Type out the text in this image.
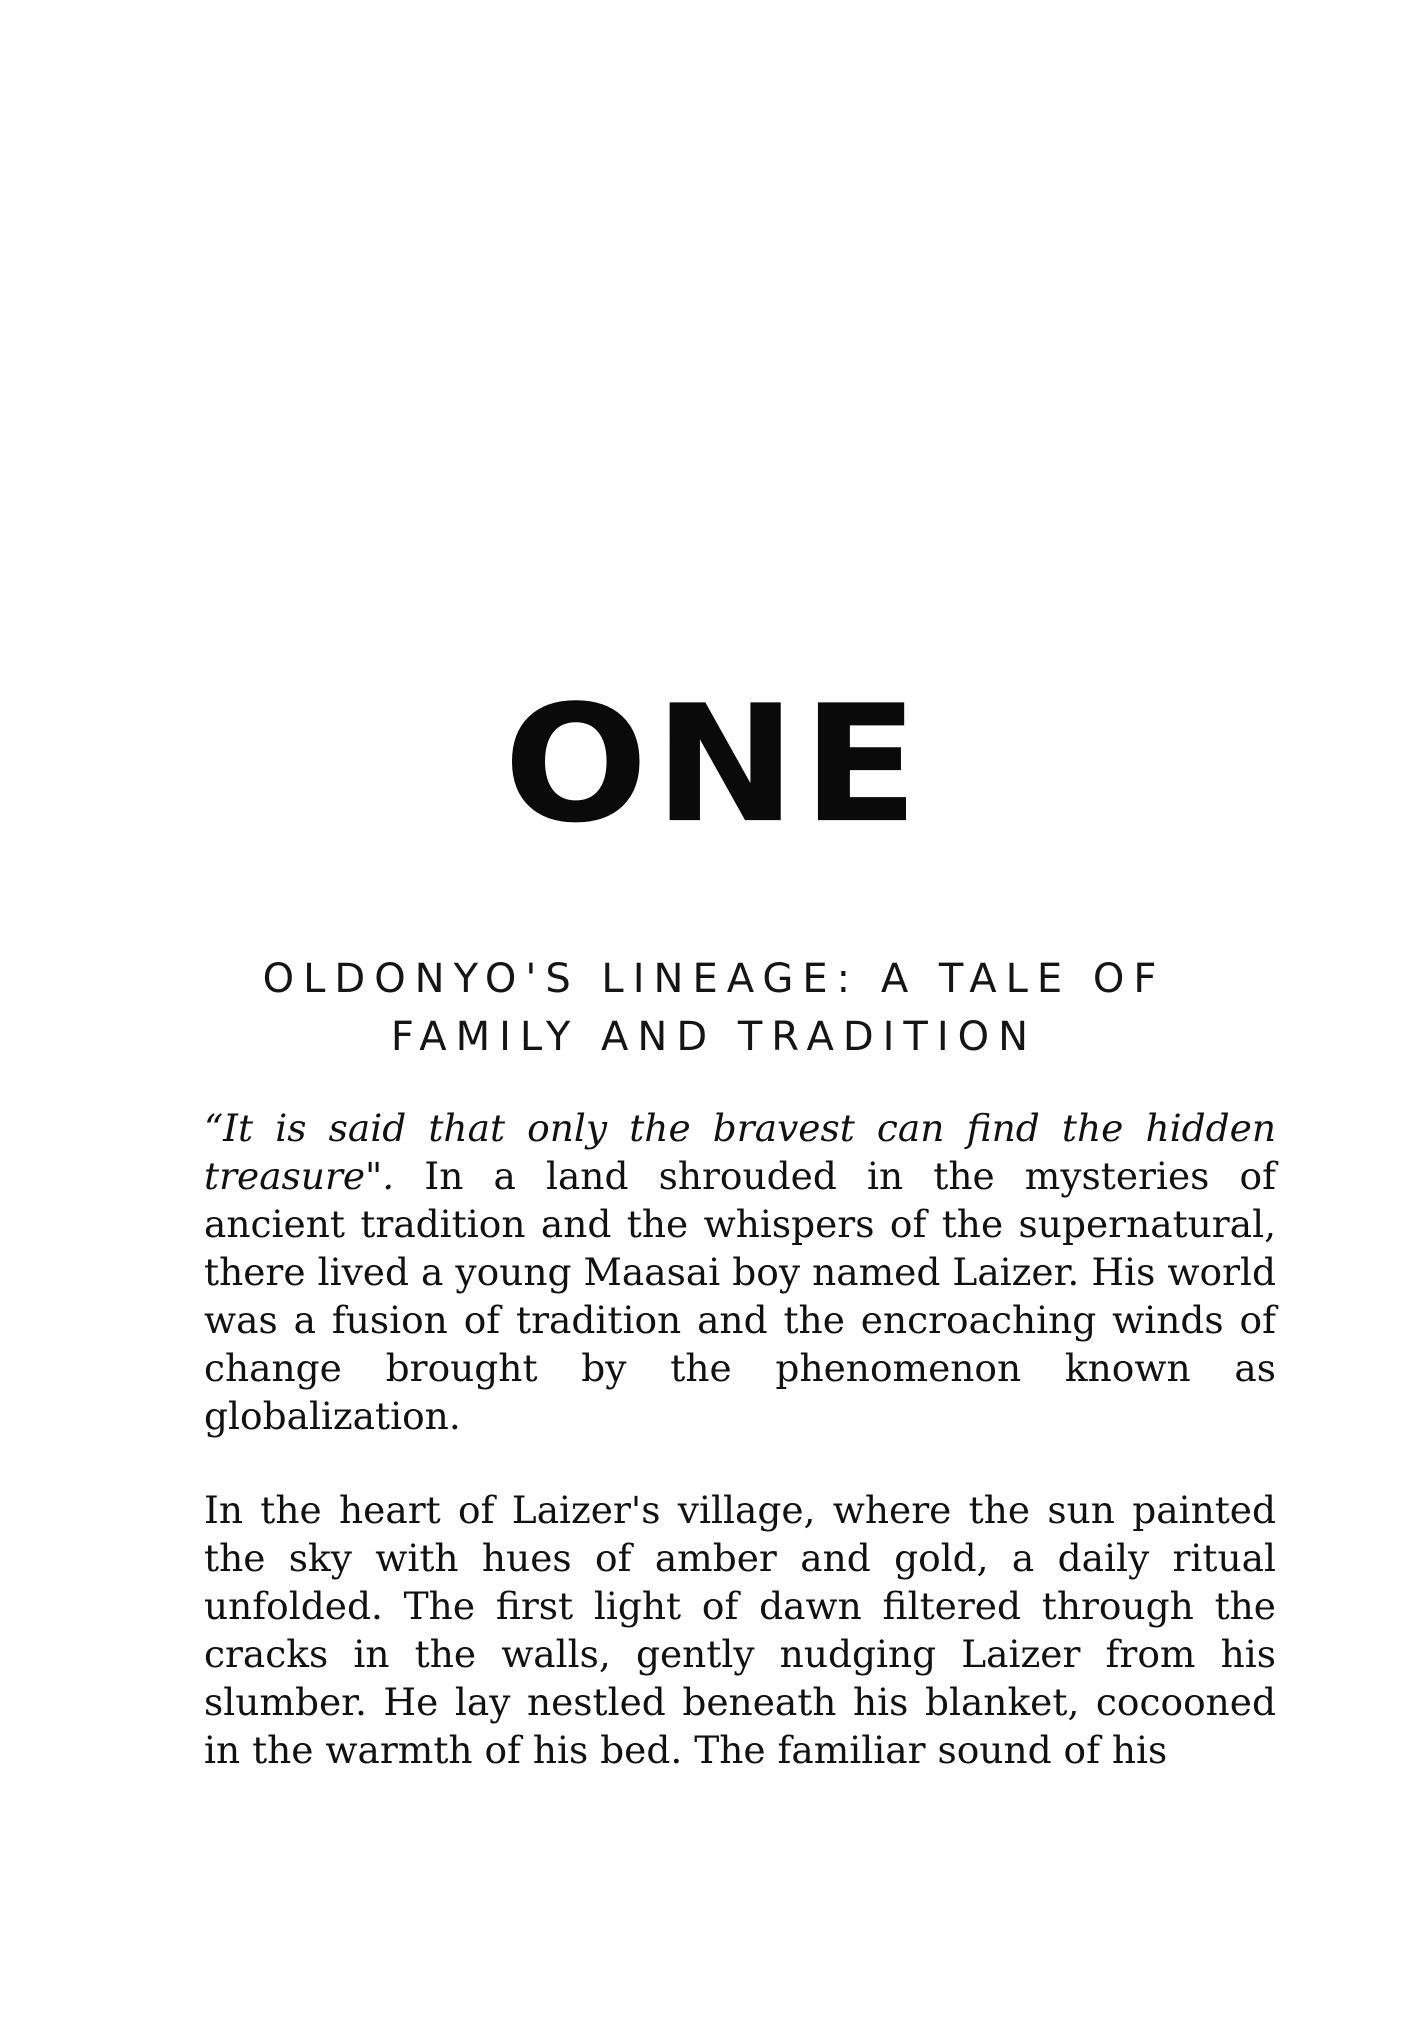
ONE
OLDONYO'S LINEAGE: A TALE OF FAMILY AND TRADITION

“It is said that only the bravest can find the hidden treasure". In a land shrouded in the mysteries of ancient tradition and the whispers of the supernatural, there lived a young Maasai boy named Laizer. His world was a fusion of tradition and the encroaching winds of change brought by the phenomenon known as globalization.

In the heart of Laizer's village, where the sun painted the sky with hues of amber and gold, a daily ritual unfolded. The first light of dawn filtered through the cracks in the walls, gently nudging Laizer from his slumber. He lay nestled beneath his blanket, cocooned in the warmth of his bed. The familiar sound of his
